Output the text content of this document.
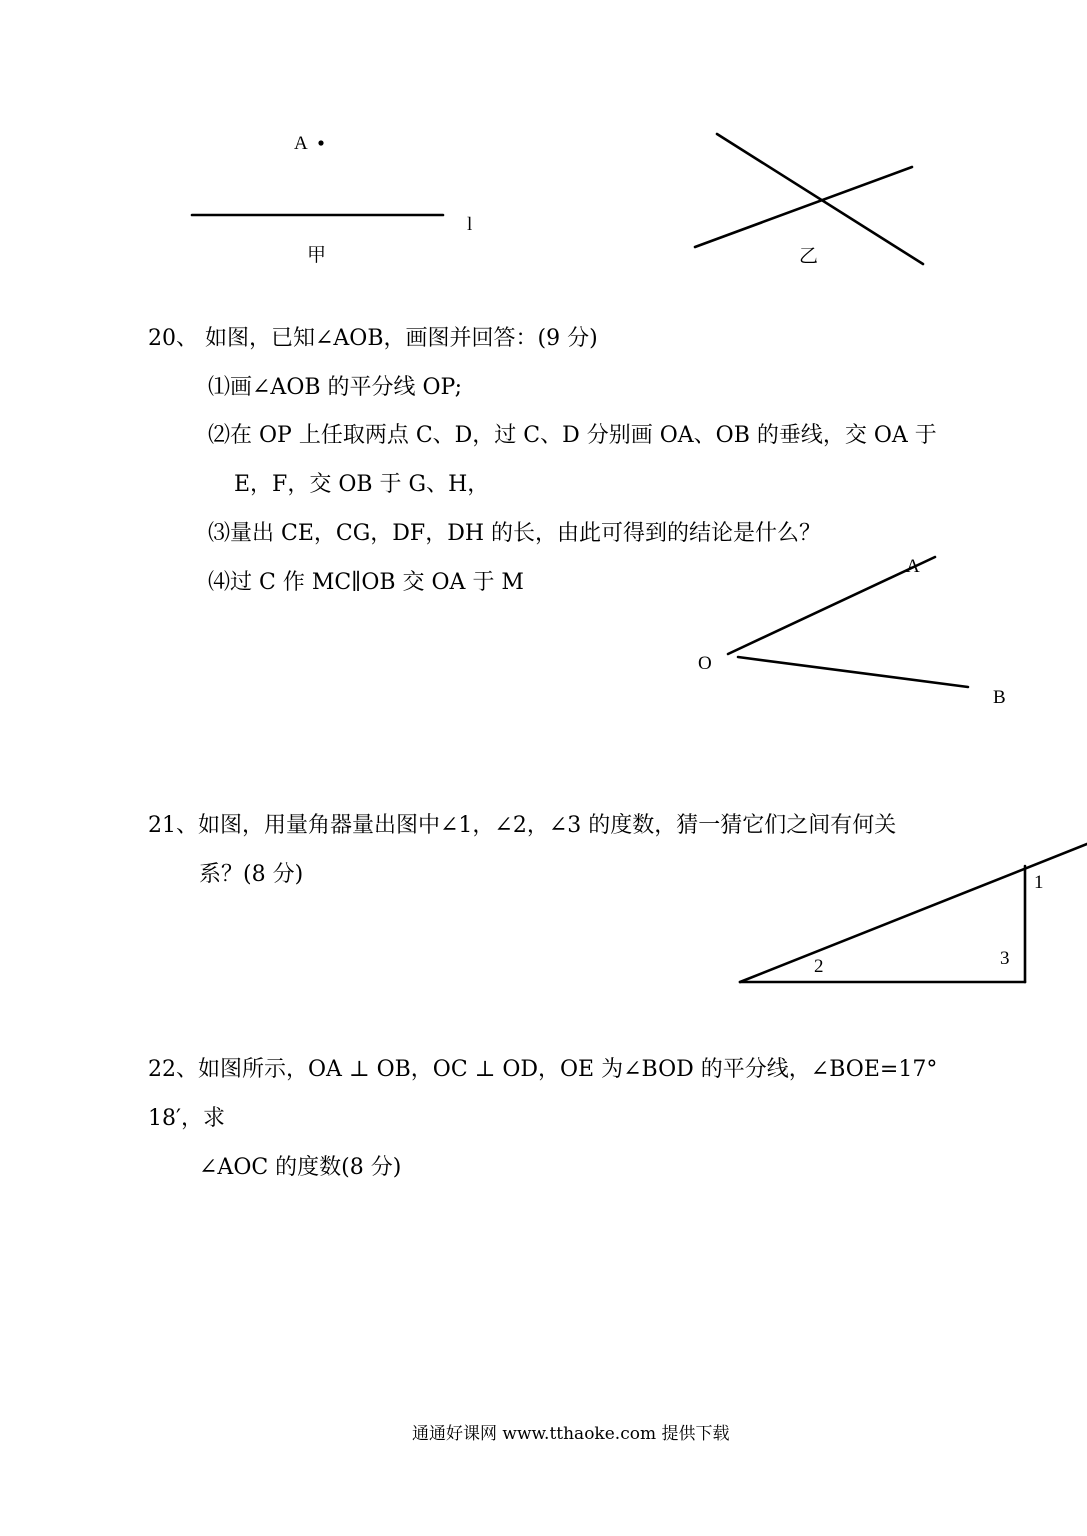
A
l
甲	乙
20、 如图，已知∠AOB，画图并回答：(9 分)
⑴画∠AOB 的平分线 OP;
⑵在 OP 上任取两点 C、D，过 C、D 分别画 OA、OB 的垂线，交 OA 于
E，F，交 OB 于 G、H，
⑶量出 CE，CG，DF，DH 的长，由此可得到的结论是什么？
⑷过 C 作 MC∥OB 交 OA 于 M
A
O
B
21、如图，用量角器量出图中∠1，∠2，∠3 的度数，猜一猜它们之间有何关
系？(8 分)	1
2	3
22、如图所示，OA ⊥ OB，OC ⊥ OD，OE 为∠BOD 的平分线，∠BOE=17°
18′，求
∠AOC 的度数(8 分)
通通好课网 www.tthaoke.com 提供下载
